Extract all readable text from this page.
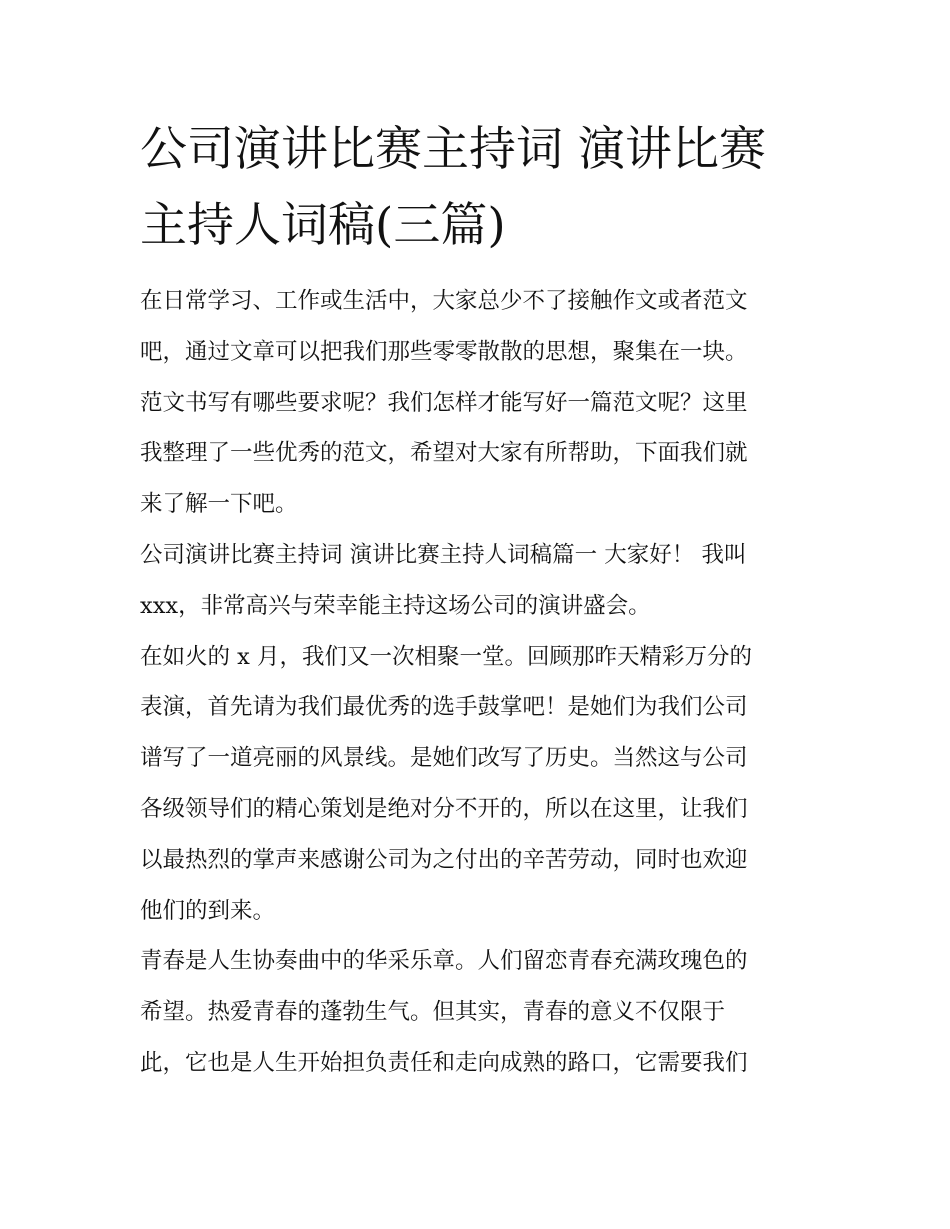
公司演讲比赛主持词 演讲比赛
主持人词稿(三篇)
在日常学习、工作或生活中，大家总少不了接触作文或者范文
吧，通过文章可以把我们那些零零散散的思想，聚集在一块。
范文书写有哪些要求呢？我们怎样才能写好一篇范文呢？这里
我整理了一些优秀的范文，希望对大家有所帮助，下面我们就
来了解一下吧。
公司演讲比赛主持词 演讲比赛主持人词稿篇一 大家好！ 我叫
xxx，非常高兴与荣幸能主持这场公司的演讲盛会。
在如火的 x 月，我们又一次相聚一堂。回顾那昨天精彩万分的
表演，首先请为我们最优秀的选手鼓掌吧！是她们为我们公司
谱写了一道亮丽的风景线。是她们改写了历史。当然这与公司
各级领导们的精心策划是绝对分不开的，所以在这里，让我们
以最热烈的掌声来感谢公司为之付出的辛苦劳动，同时也欢迎
他们的到来。
青春是人生协奏曲中的华采乐章。人们留恋青春充满玫瑰色的
希望。热爱青春的蓬勃生气。但其实，青春的意义不仅限于
此，它也是人生开始担负责任和走向成熟的路口，它需要我们
